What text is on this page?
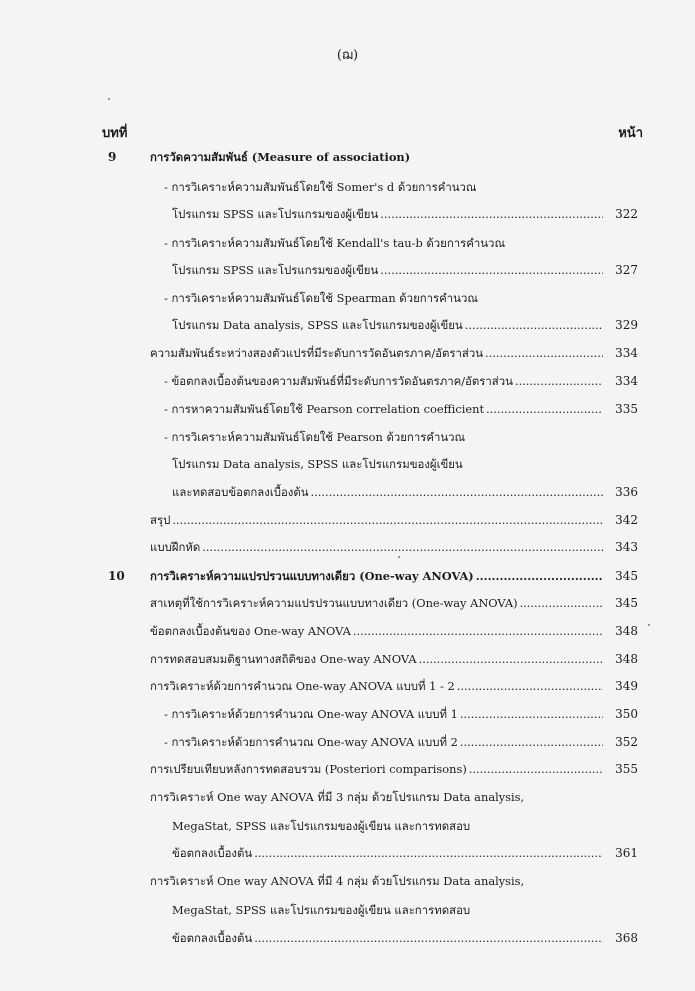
(ฌ)
บทที่	หน้า
9	การวัดความสัมพันธ์ (Measure of association)
- การวิเคราะห์ความสัมพันธ์โดยใช้ Somer's d ด้วยการคำนวณ
โปรแกรม SPSS และโปรแกรมของผู้เขียน .....	322
- การวิเคราะห์ความสัมพันธ์โดยใช้ Kendall's tau-b ด้วยการคำนวณ
โปรแกรม SPSS และโปรแกรมของผู้เขียน .....	327
- การวิเคราะห์ความสัมพันธ์โดยใช้ Spearman ด้วยการคำนวณ
โปรแกรม Data analysis, SPSS และโปรแกรมของผู้เขียน .....	329
ความสัมพันธ์ระหว่างสองตัวแปรที่มีระดับการวัดอันตรภาค/อัตราส่วน .....	334
- ข้อตกลงเบื้องต้นของความสัมพันธ์ที่มีระดับการวัดอันตรภาค/อัตราส่วน .....	334
- การหาความสัมพันธ์โดยใช้ Pearson correlation coefficient .....	335
- การวิเคราะห์ความสัมพันธ์โดยใช้ Pearson ด้วยการคำนวณ
โปรแกรม Data analysis, SPSS และโปรแกรมของผู้เขียน
และทดสอบข้อตกลงเบื้องต้น .....	336
สรุป .....	342
แบบฝึกหัด .....	343
10 การวิเคราะห์ความแปรปรวนแบบทางเดียว (One-way ANOVA) .....	345
สาเหตุที่ใช้การวิเคราะห์ความแปรปรวนแบบทางเดียว (One-way ANOVA) .....	345
ข้อตกลงเบื้องต้นของ One-way ANOVA .....	348
การทดสอบสมมติฐานทางสถิติของ One-way ANOVA .....	348
การวิเคราะห์ด้วยการคำนวณ One-way ANOVA แบบที่ 1 - 2 .....	349
- การวิเคราะห์ด้วยการคำนวณ One-way ANOVA แบบที่ 1 .....	350
- การวิเคราะห์ด้วยการคำนวณ One-way ANOVA แบบที่ 2 .....	352
การเปรียบเทียบหลังการทดสอบรวม (Posteriori comparisons) .....	355
การวิเคราะห์ One way ANOVA ที่มี 3 กลุ่ม ด้วยโปรแกรม Data analysis,
MegaStat, SPSS และโปรแกรมของผู้เขียน และการทดสอบ
ข้อตกลงเบื้องต้น .....	361
การวิเคราะห์ One way ANOVA ที่มี 4 กลุ่ม ด้วยโปรแกรม Data analysis,
MegaStat, SPSS และโปรแกรมของผู้เขียน และการทดสอบ
ข้อตกลงเบื้องต้น .....	368
